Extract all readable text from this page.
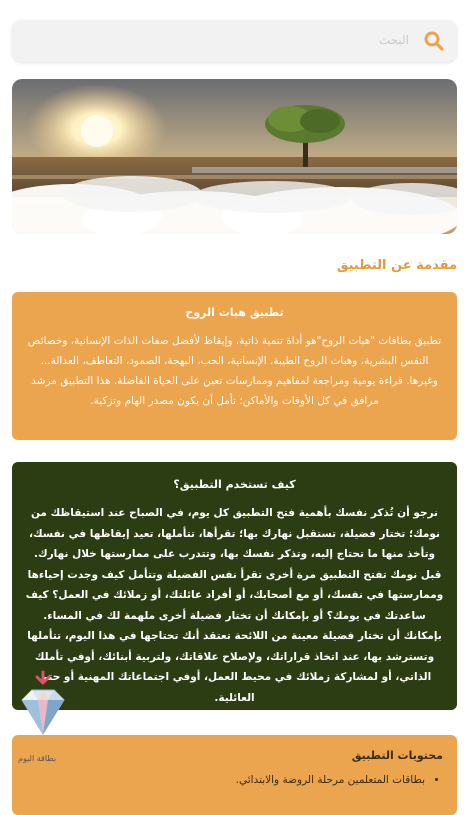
البحث
مقدمة عن التطبيق
تطبيق هبات الروح

تطبيق بطاقات "هبات الروح"هو أداة تنمية ذاتية، وإيقاظ لأفضل صفات الذات الإنسانية، وخصائص النفس البشرية، وهبات الروح الطيبة. الإنسانية، الحب، البهجة، الصمود، التعاطف، العدالة... وغيرها. قراءة يومية ومراجعة لمفاهيم وممارسات تعين على الحياة الفاضلة. هذا التطبيق مرشد مرافق في كل الأوقات والأماكن؛ نأمل أن يكون مصدر الهام وتزكية.

كيف تستخدم التطبيق؟

نرجو أن تُذكر نفسك بأهمية فتح التطبيق كل يوم، في الصباح عند استيقاظك من نومك؛ تختار فضيلة، تستقبل نهارك بها؛ تقرأها، تتأملها، تعيد إيقاظها في نفسك، وتأخذ منها ما تحتاج إليه، وتذكر نفسك بها، وتتدرب على ممارستها خلال نهارك.

قبل نومك تفتح التطبيق مرة أخرى تقرأ نفس الفضيلة وتتأمل كيف وجدت إحياءها وممارستها في نفسك، أو مع أصحابك، أو أفراد عائلتك، أو زملائك في العمل؟ كيف ساعدتك في يومك؟ أو بإمكانك أن تختار فضيلة أخرى ملهمة لك في المساء.

بإمكانك أن تختار فضيلة معينة من اللائحة تعتقد أنك تحتاجها في هذا اليوم، تتأملها وتسترشد بها، عند اتخاذ قراراتك، ولإصلاح علاقاتك، ولتربية أبنائك، أوفي تأملك الذاتي، أو لمشاركة زملائك في محيط العمل، أوفي اجتماعاتك المهنية أو حتى العائلية.

محتويات التطبيق
• بطاقات المتعلمين مرحلة الروضة والابتدائي.
بطاقة اليوم
